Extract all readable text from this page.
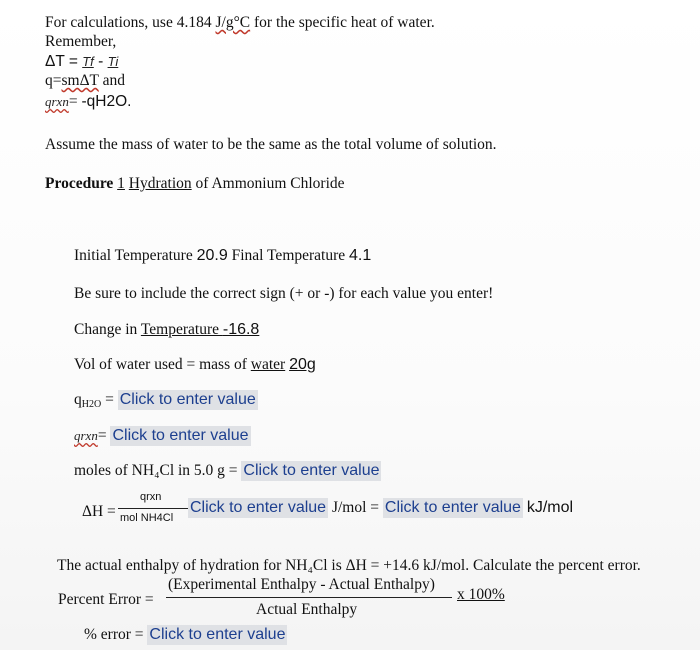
For calculations, use 4.184 J/g°C for the specific heat of water.
Remember,
ΔT = Tf - Ti
q=smΔT and
qrxn= -qH2O.
Assume the mass of water to be the same as the total volume of solution.
Procedure 1 Hydration of Ammonium Chloride
Initial Temperature 20.9 Final Temperature 4.1
Be sure to include the correct sign (+ or -) for each value you enter!
Change in Temperature -16.8
Vol of water used = mass of water 20g
$q_{H2O}$ = Click to enter value
qrxn= Click to enter value
moles of NH₄Cl in 5.0 g = Click to enter value
ΔH =
qrxn
mol NH4Cl
Click to enter value J/mol = Click to enter value kJ/mol
The actual enthalpy of hydration for NH₄Cl is ΔH = +14.6 kJ/mol. Calculate the percent error.
Percent Error =
(Experimental Enthalpy - Actual Enthalpy)
Actual Enthalpy
x 100%
% error = Click to enter value
